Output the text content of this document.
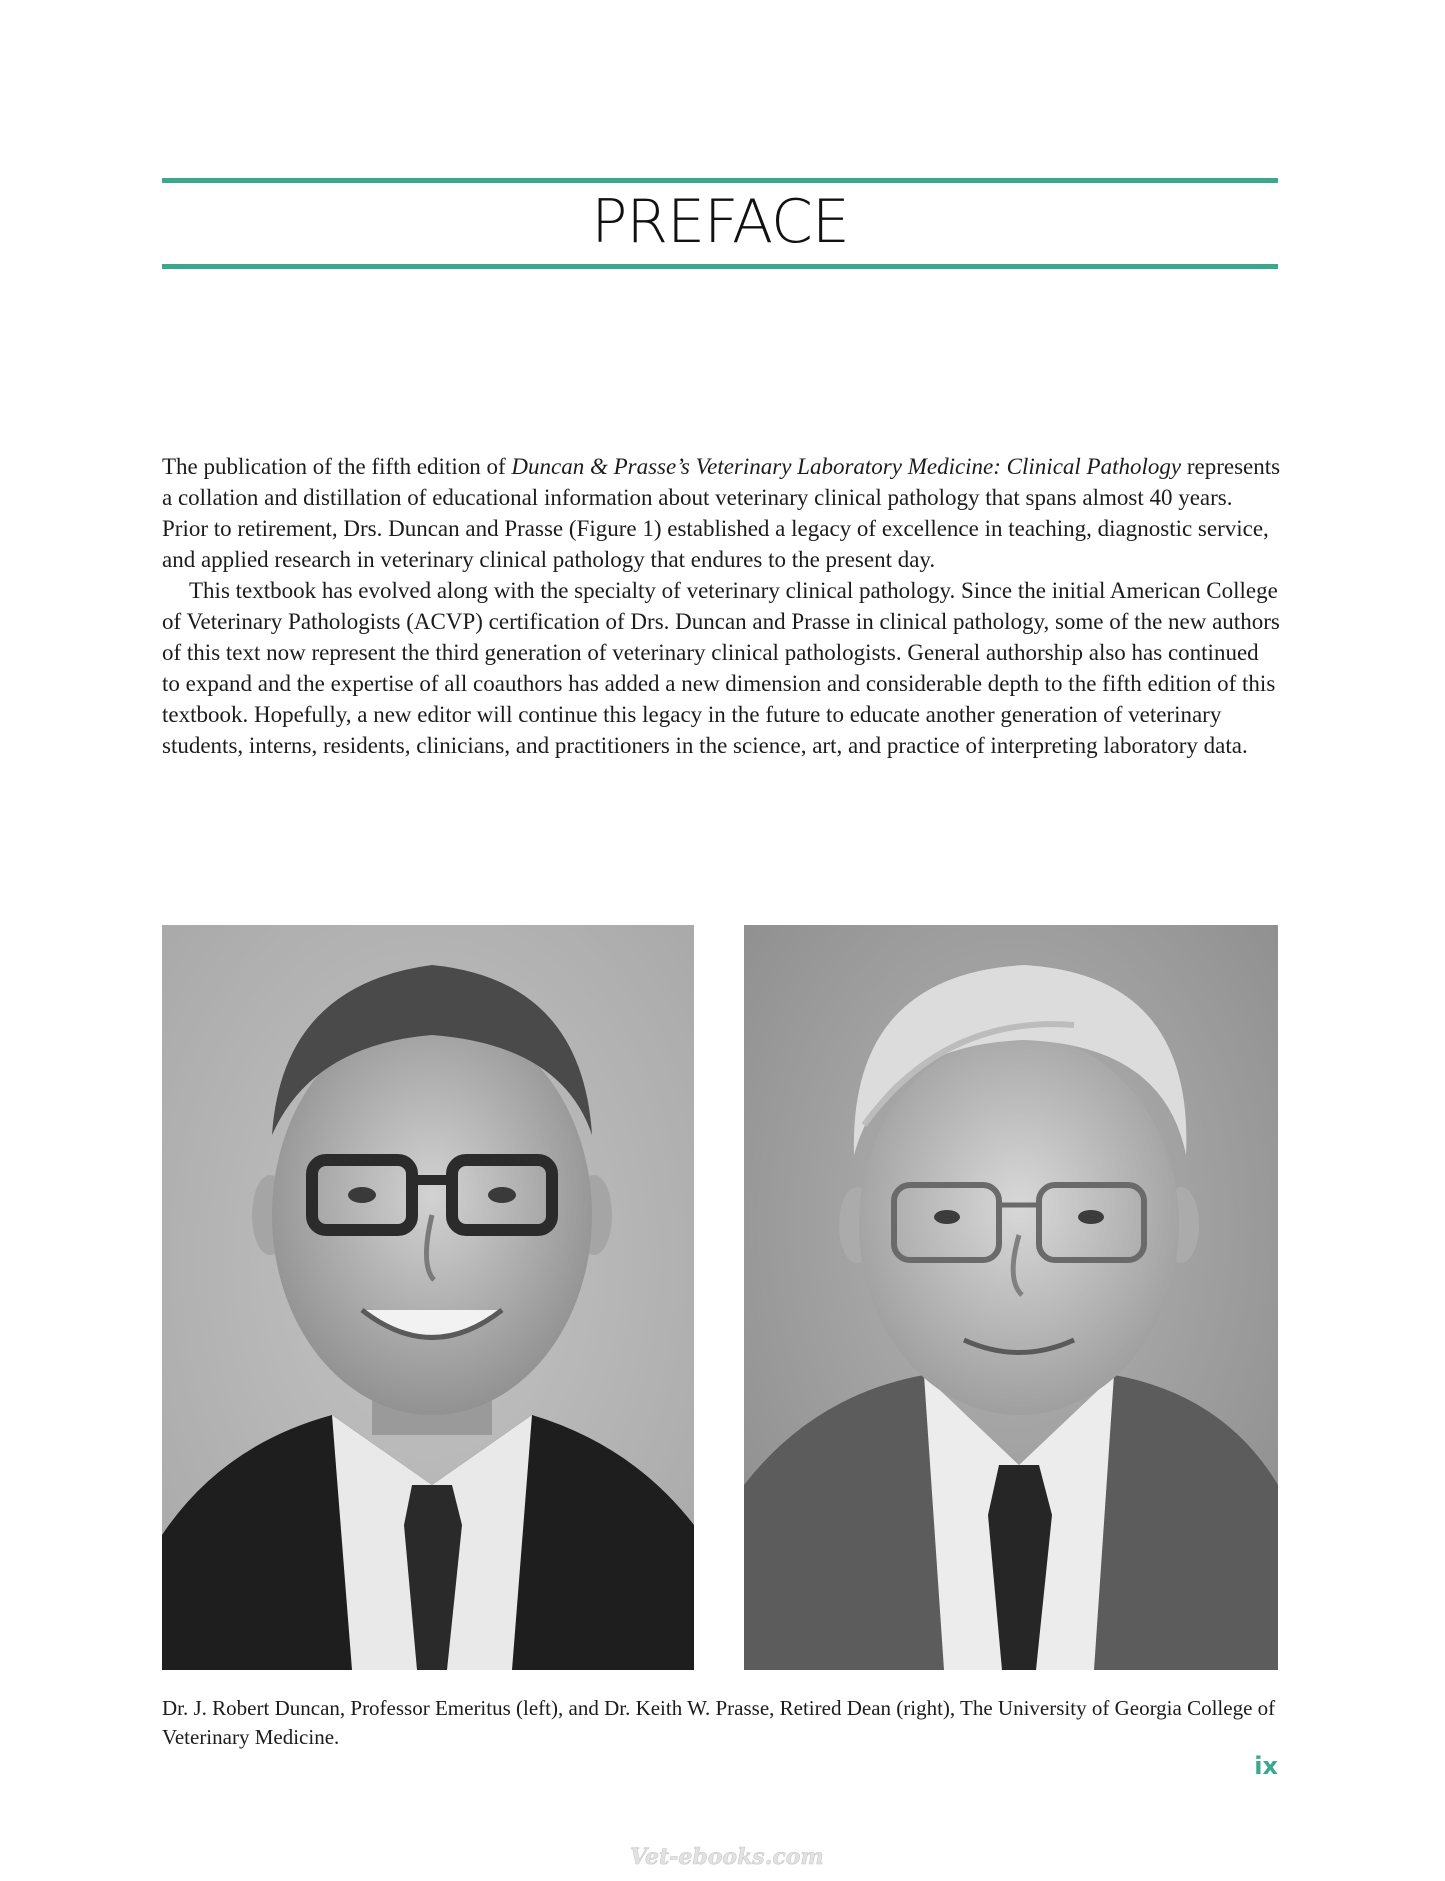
PREFACE

The publication of the fifth edition of Duncan & Prasse’s Veterinary Laboratory Medicine: Clinical Pathology represents a collation and distillation of educational information about veterinary clinical pathology that spans almost 40 years. Prior to retirement, Drs. Duncan and Prasse (Figure 1) established a legacy of excellence in teaching, diagnostic service, and applied research in veterinary clinical pathology that endures to the present day.

This textbook has evolved along with the specialty of veterinary clinical pathology. Since the initial American College of Veterinary Pathologists (ACVP) certification of Drs. Duncan and Prasse in clinical pathology, some of the new authors of this text now represent the third generation of veterinary clinical pathologists. General authorship also has continued to expand and the expertise of all coauthors has added a new dimension and considerable depth to the fifth edition of this textbook. Hopefully, a new editor will continue this legacy in the future to educate another generation of veterinary students, interns, residents, clinicians, and practitioners in the science, art, and practice of interpreting laboratory data.

Dr. J. Robert Duncan, Professor Emeritus (left), and Dr. Keith W. Prasse, Retired Dean (right), The University of Georgia College of Veterinary Medicine.
ix
Vet-ebooks.com
